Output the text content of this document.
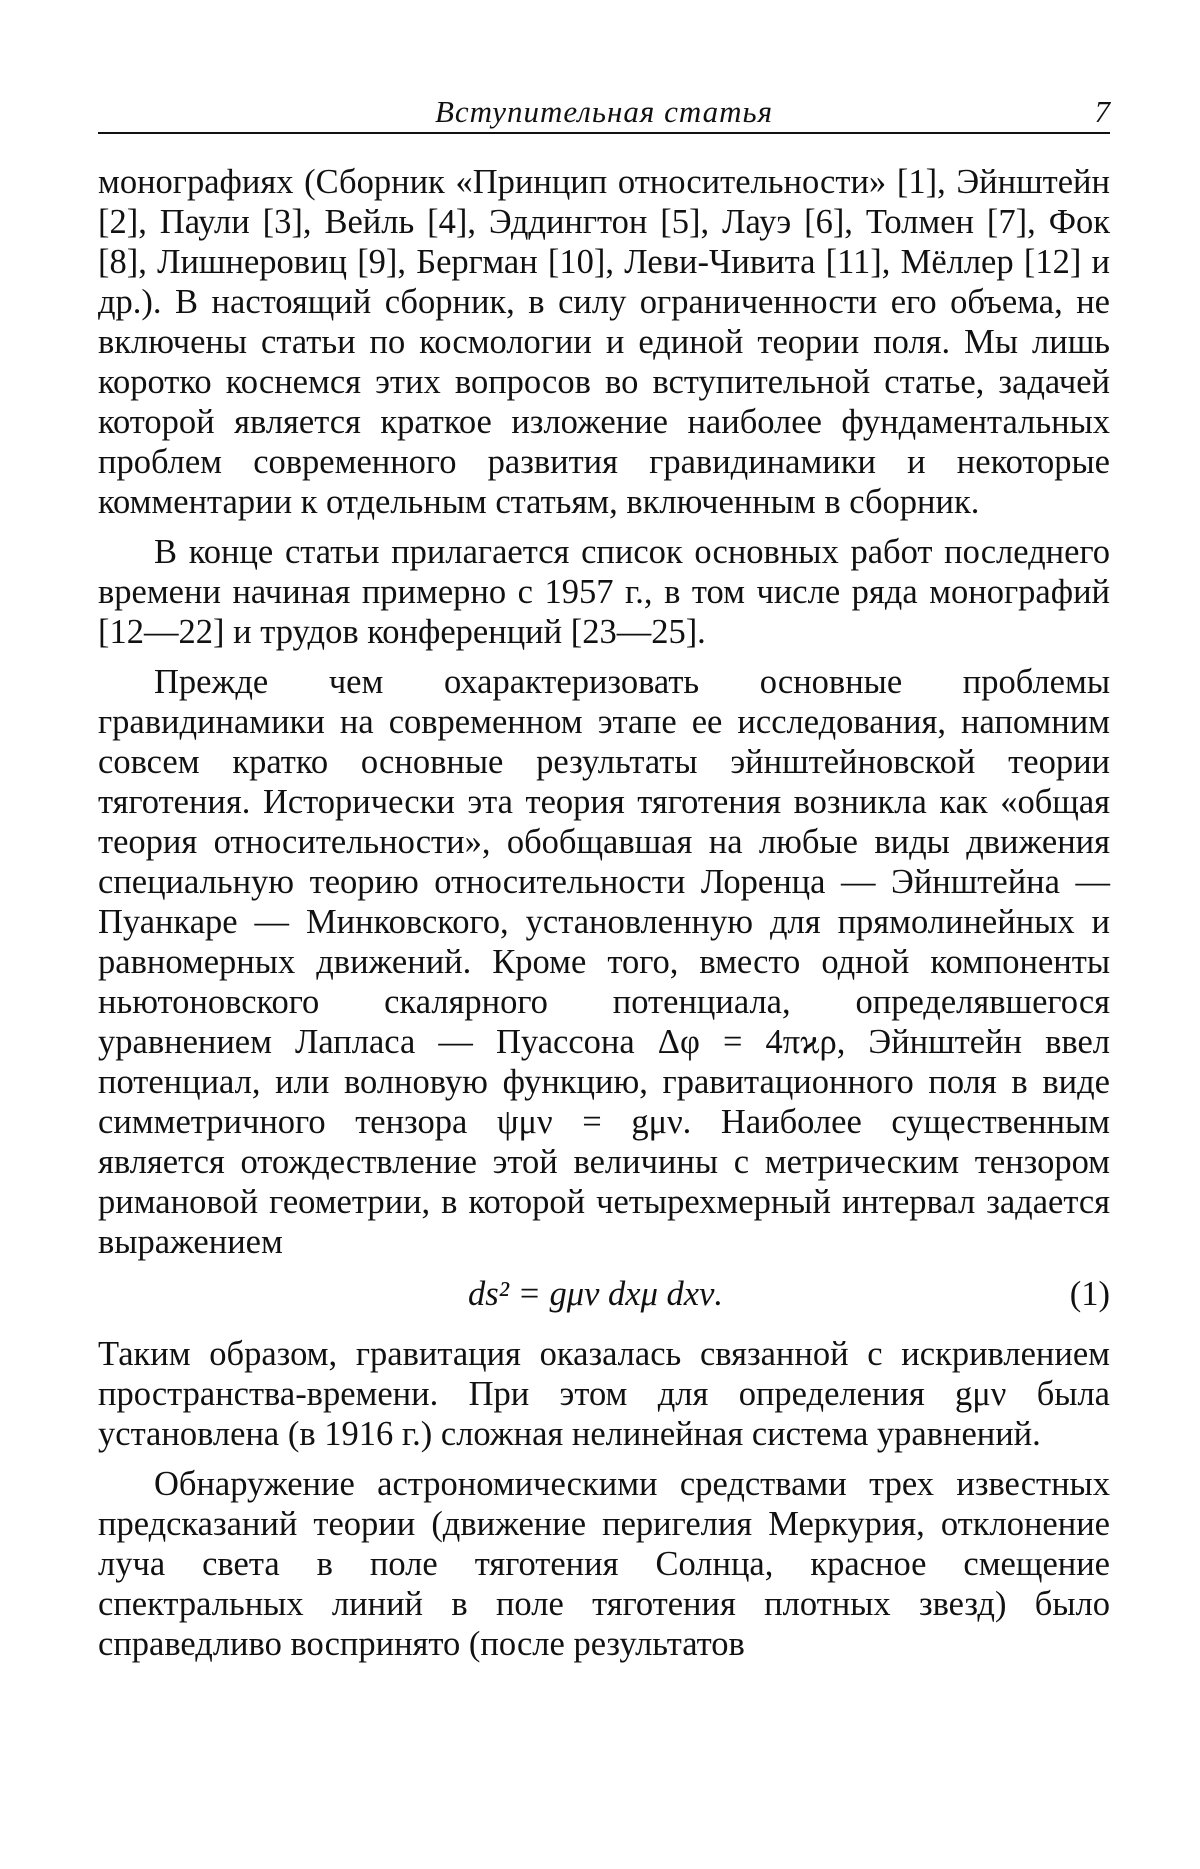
Вступительная статья	7

монографиях (Сборник «Принцип относительности» [1], Эйнштейн [2], Паули [3], Вейль [4], Эддингтон [5], Лауэ [6], Толмен [7], Фок [8], Лишнеровиц [9], Бергман [10], Леви-Чивита [11], Мёллер [12] и др.). В настоящий сборник, в силу ограниченности его объема, не включены статьи по космологии и единой теории поля. Мы лишь коротко коснемся этих вопросов во вступительной статье, задачей которой является краткое изложение наиболее фундаментальных проблем современного развития гравидинамики и некоторые комментарии к отдельным статьям, включенным в сборник.

В конце статьи прилагается список основных работ последнего времени начиная примерно с 1957 г., в том числе ряда монографий [12—22] и трудов конференций [23—25].

Прежде чем охарактеризовать основные проблемы гравидинамики на современном этапе ее исследования, напомним совсем кратко основные результаты эйнштейновской теории тяготения. Исторически эта теория тяготения возникла как «общая теория относительности», обобщавшая на любые виды движения специальную теорию относительности Лоренца — Эйнштейна — Пуанкаре — Минковского, установленную для прямолинейных и равномерных движений. Кроме того, вместо одной компоненты ньютоновского скалярного потенциала, определявшегося уравнением Лапласа — Пуассона Δφ = 4πϰρ, Эйнштейн ввел потенциал, или волновую функцию, гравитационного поля в виде симметричного тензора ψμν = gμν. Наиболее существенным является отождествление этой величины с метрическим тензором римановой геометрии, в которой четырехмерный интервал задается выражением

ds² = gμν dxμ dxν.	(1)

Таким образом, гравитация оказалась связанной с искривлением пространства-времени. При этом для определения gμν была установлена (в 1916 г.) сложная нелинейная система уравнений.

Обнаружение астрономическими средствами трех известных предсказаний теории (движение перигелия Меркурия, отклонение луча света в поле тяготения Солнца, красное смещение спектральных линий в поле тяготения плотных звезд) было справедливо воспринято (после результатов
